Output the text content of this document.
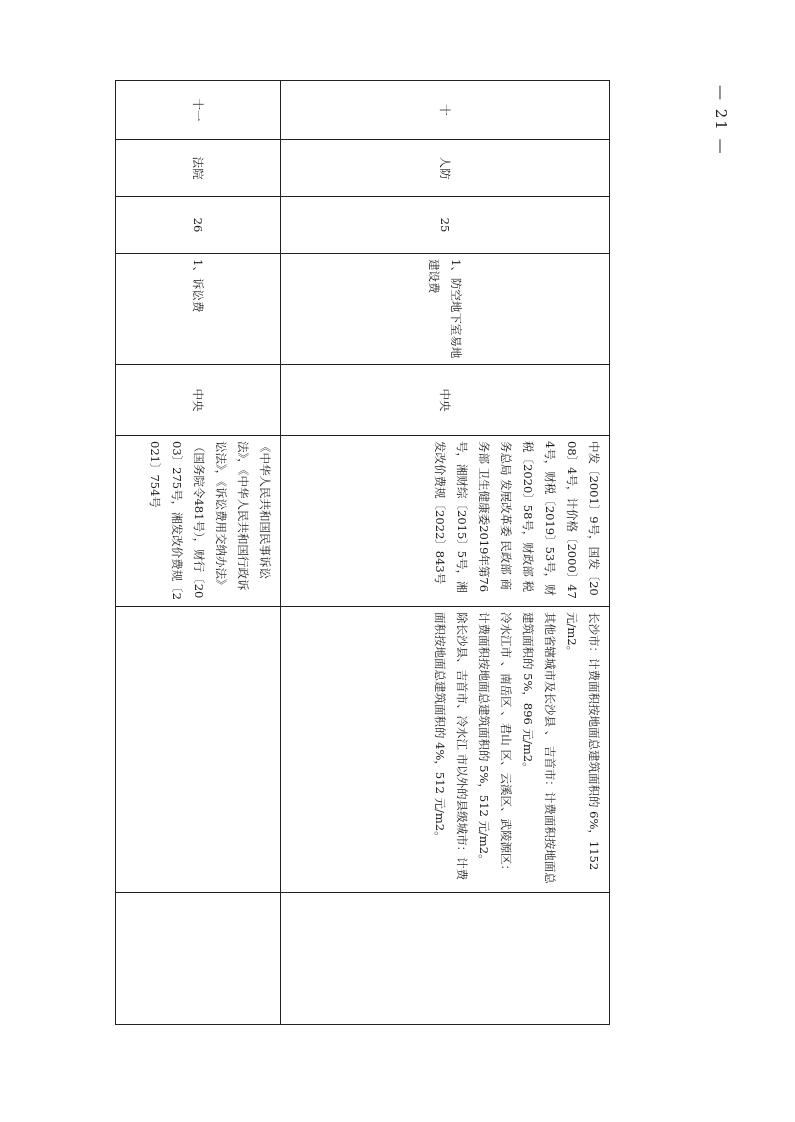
十	人防	25	1、防空地下室易地建设费	中央	中发〔2001〕9号，国发〔2008〕4号，计价格〔2000〕474号，财税〔2019〕53号，财税〔2020〕58号，财政部 税务总局 发展改革委 民政部 商务部 卫生健康委2019年第76号，湘财综〔2015〕5号，湘发改价费规〔2022〕843号	长沙市：计费面积按地面总建筑面积的 6%，1152 元/m2。
其他省辖城市及长沙县 、 吉首市：计费面积按地面总建筑面积的 5%，896 元/m2。
冷水江市 、南岳区 、君山 区、云溪区、武陵源区：计费面积按地面总建筑面积的 5%，512 元/m2。
除长沙县、吉首市、冷水江 市以外的县级城市：计费面积按地面总建筑面积的 4%，512 元/m2。	

十一	法院	26	1、诉讼费	中央	《中华人民共和国民事诉讼法》，《中华人民共和国行政诉讼法》，《诉讼费用交纳办法》（国务院令481号），财行〔2003〕275号，湘发改价费规〔2021〕754号		
— 21 —
